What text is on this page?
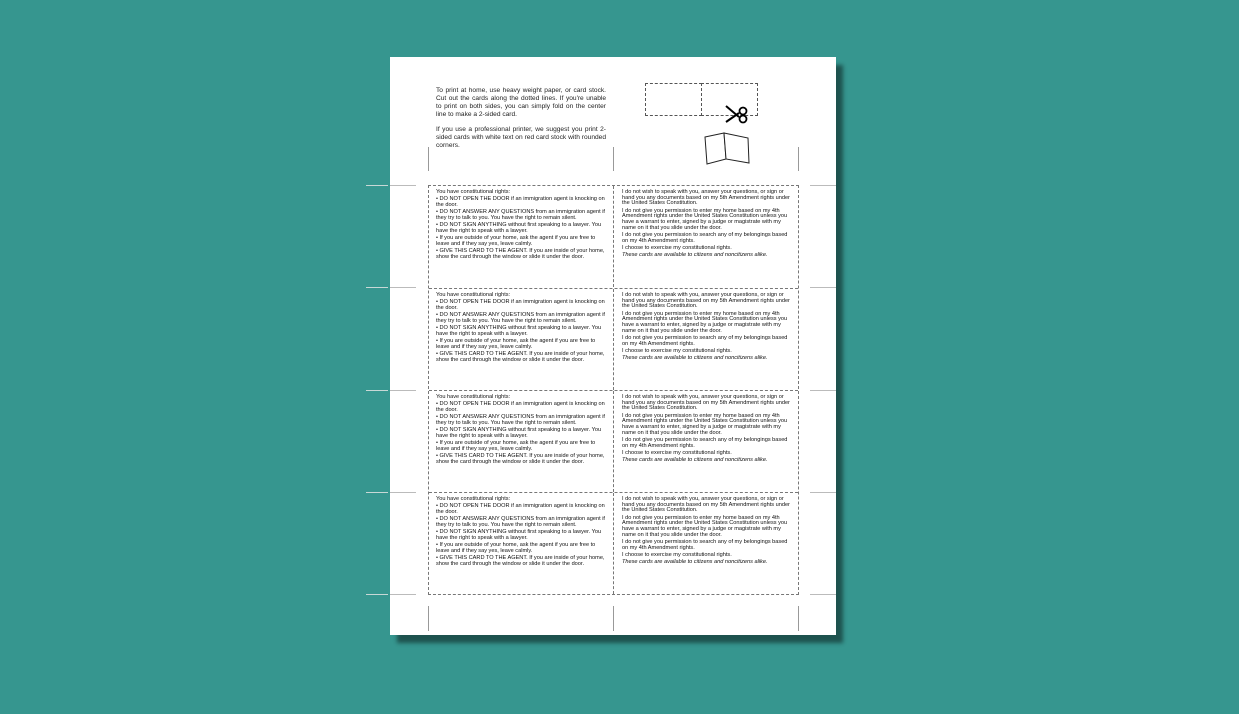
To print at home, use heavy weight paper, or card stock. Cut out the cards along the dotted lines. If you're unable to print on both sides, you can simply fold on the center line to make a 2-sided card.

If you use a professional printer, we suggest you print 2-sided cards with white text on red card stock with rounded corners.

You have constitutional rights:
• DO NOT OPEN THE DOOR if an immigration agent is knocking on the door.
• DO NOT ANSWER ANY QUESTIONS from an immigration agent if they try to talk to you. You have the right to remain silent.
• DO NOT SIGN ANYTHING without first speaking to a lawyer. You have the right to speak with a lawyer.
• If you are outside of your home, ask the agent if you are free to leave and if they say yes, leave calmly.
• GIVE THIS CARD TO THE AGENT. If you are inside of your home, show the card through the window or slide it under the door.
I do not wish to speak with you, answer your questions, or sign or hand you any documents based on my 5th Amendment rights under the United States Constitution.
I do not give you permission to enter my home based on my 4th Amendment rights under the United States Constitution unless you have a warrant to enter, signed by a judge or magistrate with my name on it that you slide under the door.
I do not give you permission to search any of my belongings based on my 4th Amendment rights.
I choose to exercise my constitutional rights.
These cards are available to citizens and noncitizens alike.
You have constitutional rights:
• DO NOT OPEN THE DOOR if an immigration agent is knocking on the door.
• DO NOT ANSWER ANY QUESTIONS from an immigration agent if they try to talk to you. You have the right to remain silent.
• DO NOT SIGN ANYTHING without first speaking to a lawyer. You have the right to speak with a lawyer.
• If you are outside of your home, ask the agent if you are free to leave and if they say yes, leave calmly.
• GIVE THIS CARD TO THE AGENT. If you are inside of your home, show the card through the window or slide it under the door.
I do not wish to speak with you, answer your questions, or sign or hand you any documents based on my 5th Amendment rights under the United States Constitution.
I do not give you permission to enter my home based on my 4th Amendment rights under the United States Constitution unless you have a warrant to enter, signed by a judge or magistrate with my name on it that you slide under the door.
I do not give you permission to search any of my belongings based on my 4th Amendment rights.
I choose to exercise my constitutional rights.
These cards are available to citizens and noncitizens alike.
You have constitutional rights:
• DO NOT OPEN THE DOOR if an immigration agent is knocking on the door.
• DO NOT ANSWER ANY QUESTIONS from an immigration agent if they try to talk to you. You have the right to remain silent.
• DO NOT SIGN ANYTHING without first speaking to a lawyer. You have the right to speak with a lawyer.
• If you are outside of your home, ask the agent if you are free to leave and if they say yes, leave calmly.
• GIVE THIS CARD TO THE AGENT. If you are inside of your home, show the card through the window or slide it under the door.
I do not wish to speak with you, answer your questions, or sign or hand you any documents based on my 5th Amendment rights under the United States Constitution.
I do not give you permission to enter my home based on my 4th Amendment rights under the United States Constitution unless you have a warrant to enter, signed by a judge or magistrate with my name on it that you slide under the door.
I do not give you permission to search any of my belongings based on my 4th Amendment rights.
I choose to exercise my constitutional rights.
These cards are available to citizens and noncitizens alike.
You have constitutional rights:
• DO NOT OPEN THE DOOR if an immigration agent is knocking on the door.
• DO NOT ANSWER ANY QUESTIONS from an immigration agent if they try to talk to you. You have the right to remain silent.
• DO NOT SIGN ANYTHING without first speaking to a lawyer. You have the right to speak with a lawyer.
• If you are outside of your home, ask the agent if you are free to leave and if they say yes, leave calmly.
• GIVE THIS CARD TO THE AGENT. If you are inside of your home, show the card through the window or slide it under the door.
I do not wish to speak with you, answer your questions, or sign or hand you any documents based on my 5th Amendment rights under the United States Constitution.
I do not give you permission to enter my home based on my 4th Amendment rights under the United States Constitution unless you have a warrant to enter, signed by a judge or magistrate with my name on it that you slide under the door.
I do not give you permission to search any of my belongings based on my 4th Amendment rights.
I choose to exercise my constitutional rights.
These cards are available to citizens and noncitizens alike.
